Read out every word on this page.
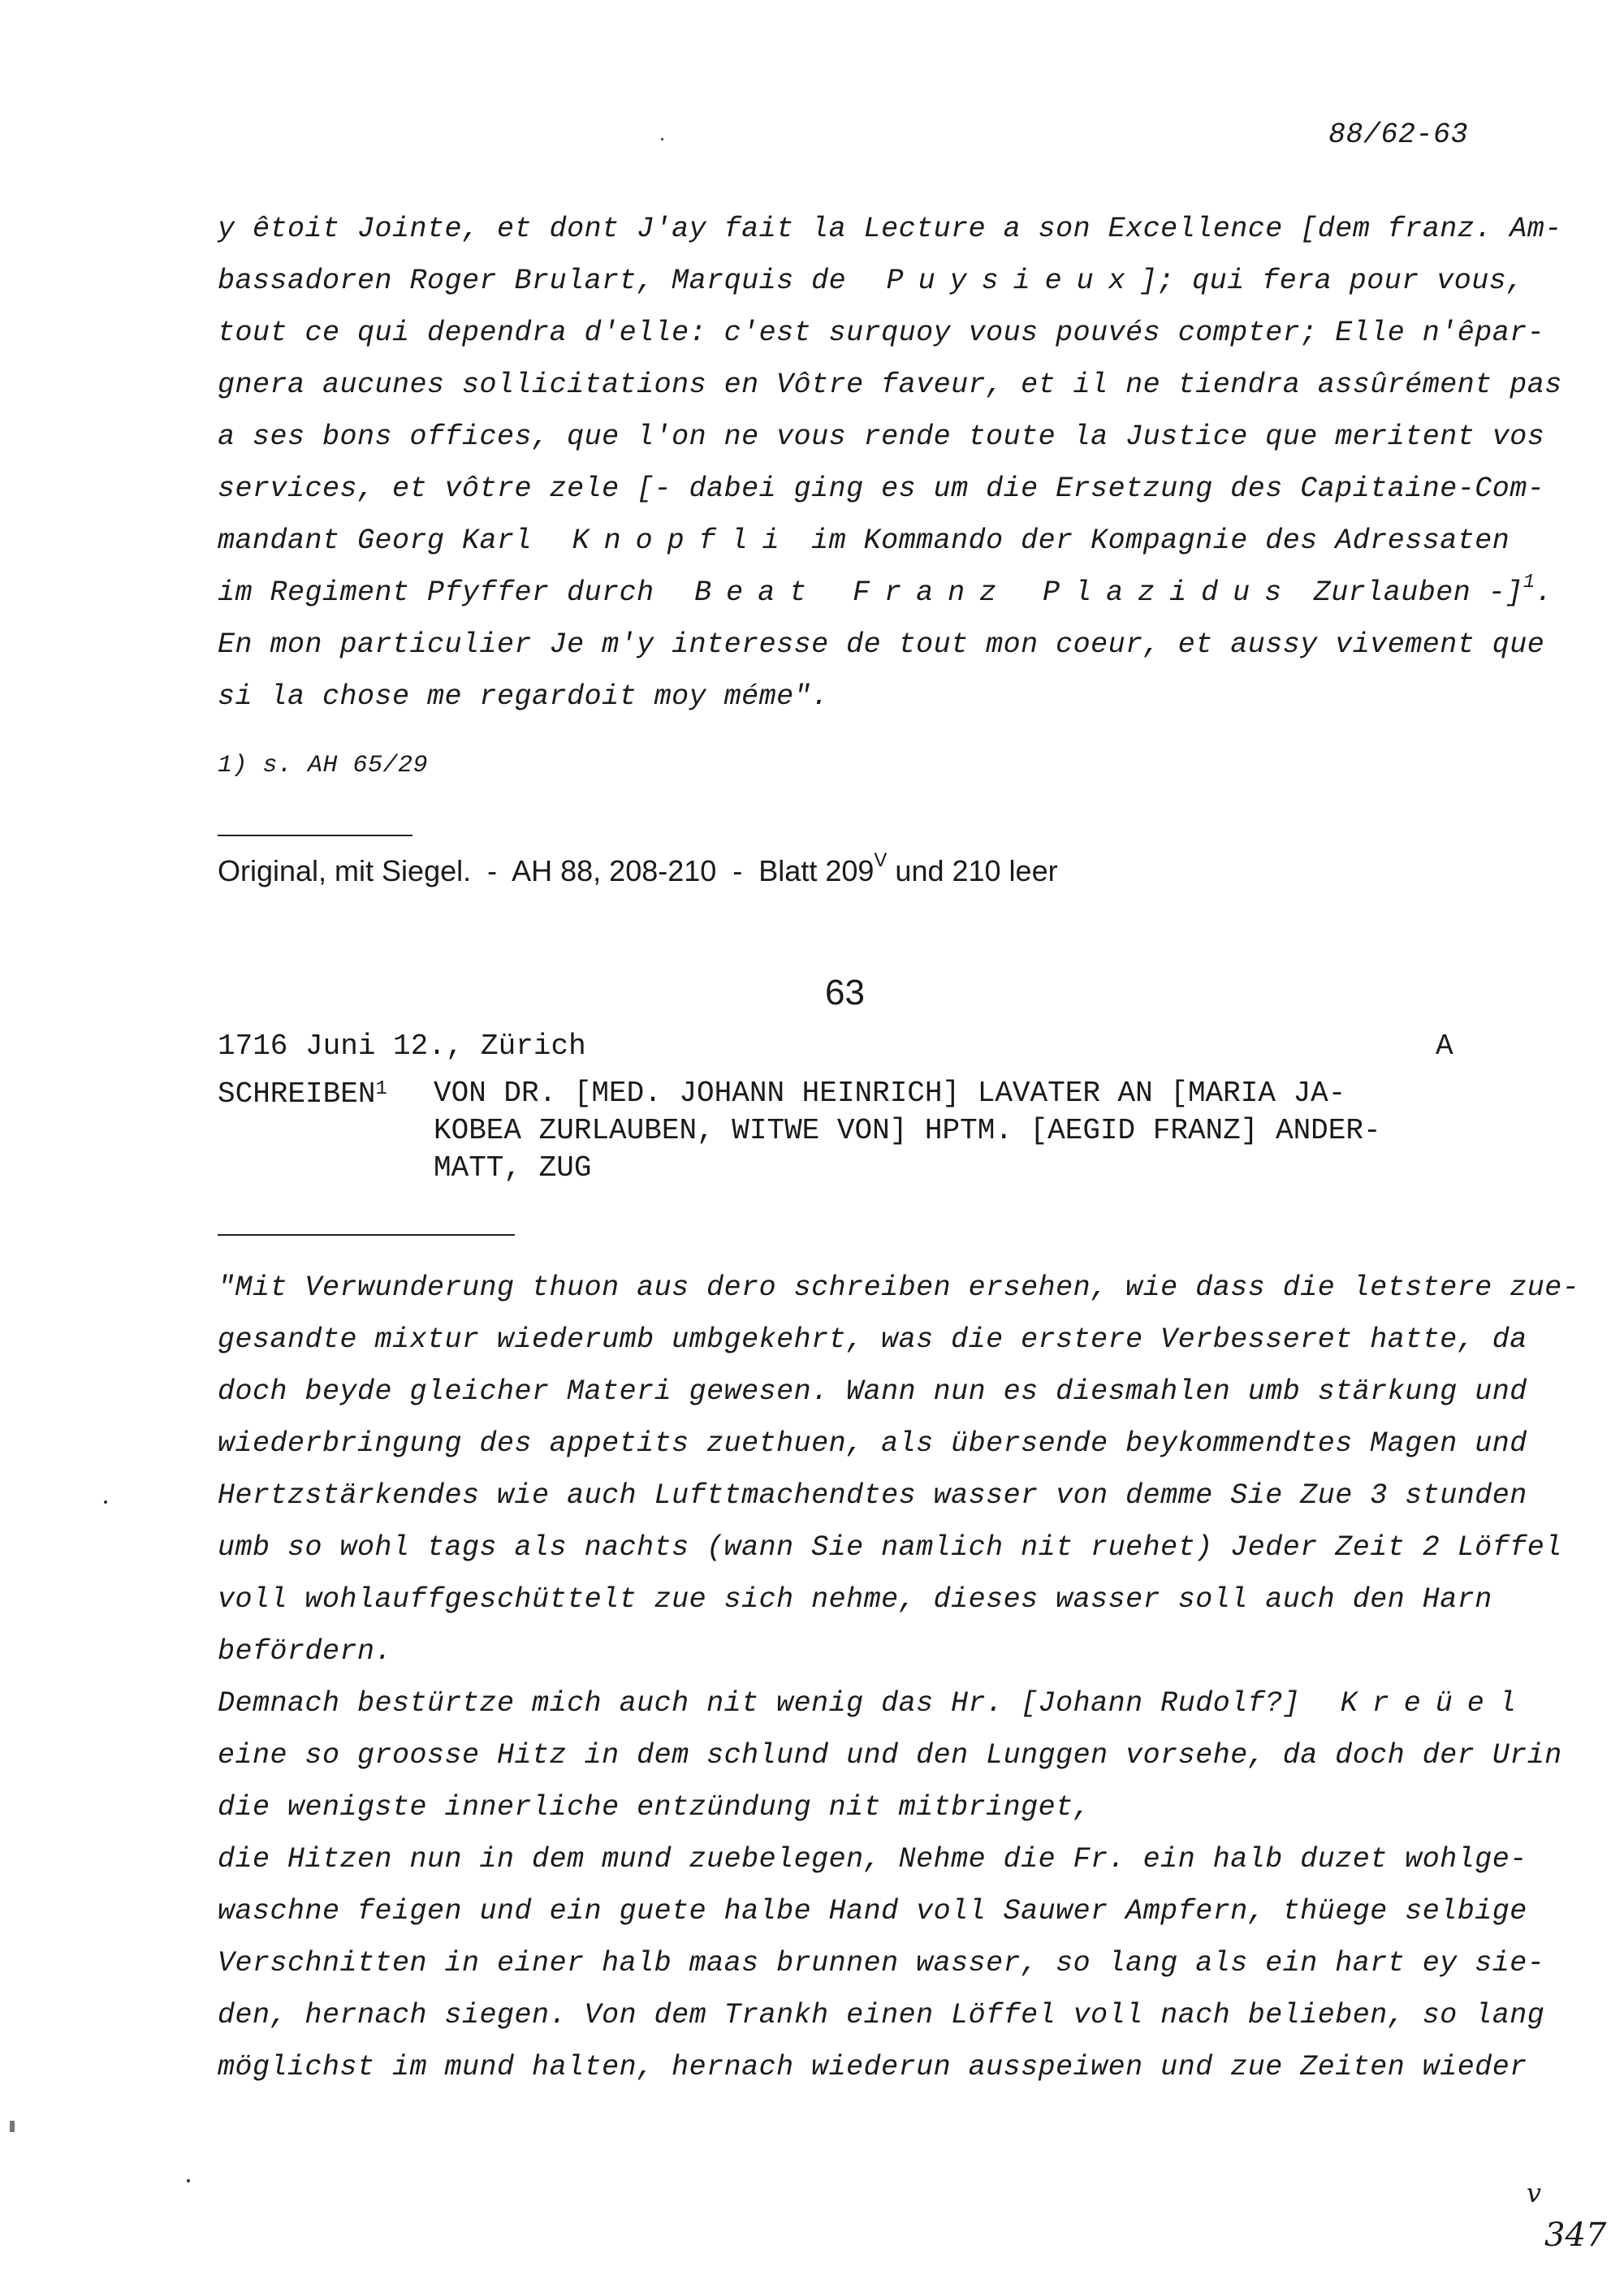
88/62-63
y êtoit Jointe, et dont J'ay fait la Lecture a son Excellence [dem franz. Am-
bassadoren Roger Brulart, Marquis de Puysieux]; qui fera pour vous,
tout ce qui dependra d'elle: c'est surquoy vous pouvés compter; Elle n'êpar-
gnera aucunes sollicitations en Vôtre faveur, et il ne tiendra assûrément pas
a ses bons offices, que l'on ne vous rende toute la Justice que meritent vos
services, et vôtre zele [- dabei ging es um die Ersetzung des Capitaine-Com-
mandant Georg Karl Knopfli im Kommando der Kompagnie des Adressaten
im Regiment Pfyffer durch Beat Franz Plazidus Zurlauben -]$^1$.
En mon particulier Je m'y interesse de tout mon coeur, et aussy vivement que
si la chose me regardoit moy méme".
1) s. AH 65/29
Original, mit Siegel.  -  AH 88, 208-210  -  Blatt $209^V$ und 210 leer
63
1716 Juni 12., Zürich	A
SCHREIBEN$^1$ VON DR. [MED. JOHANN HEINRICH] LAVATER AN [MARIA JA-
KOBEA ZURLAUBEN, WITWE VON] HPTM. [AEGID FRANZ] ANDER-
MATT, ZUG
"Mit Verwunderung thuon aus dero schreiben ersehen, wie dass die letstere zue-
gesandte mixtur wiederumb umbgekehrt, was die erstere Verbesseret hatte, da
doch beyde gleicher Materi gewesen. Wann nun es diesmahlen umb stärkung und
wiederbringung des appetits zuethuen, als übersende beykommendtes Magen und
Hertzstärkendes wie auch Lufttmachendtes wasser von demme Sie Zue 3 stunden
umb so wohl tags als nachts (wann Sie namlich nit ruehet) Jeder Zeit 2 Löffel
voll wohlauffgeschüttelt zue sich nehme, dieses wasser soll auch den Harn
befördern.
Demnach bestürtze mich auch nit wenig das Hr. [Johann Rudolf?] Kreüel
eine so groosse Hitz in dem schlund und den Lunggen vorsehe, da doch der Urin
die wenigste innerliche entzündung nit mitbringet,
die Hitzen nun in dem mund zuebelegen, Nehme die Fr. ein halb duzet wohlge-
waschne feigen und ein guete halbe Hand voll Sauwer Ampfern, thüege selbige
Verschnitten in einer halb maas brunnen wasser, so lang als ein hart ey sie-
den, hernach siegen. Von dem Trankh einen Löffel voll nach belieben, so lang
möglichst im mund halten, hernach wiederun ausspeiwen und zue Zeiten wieder
v
347
